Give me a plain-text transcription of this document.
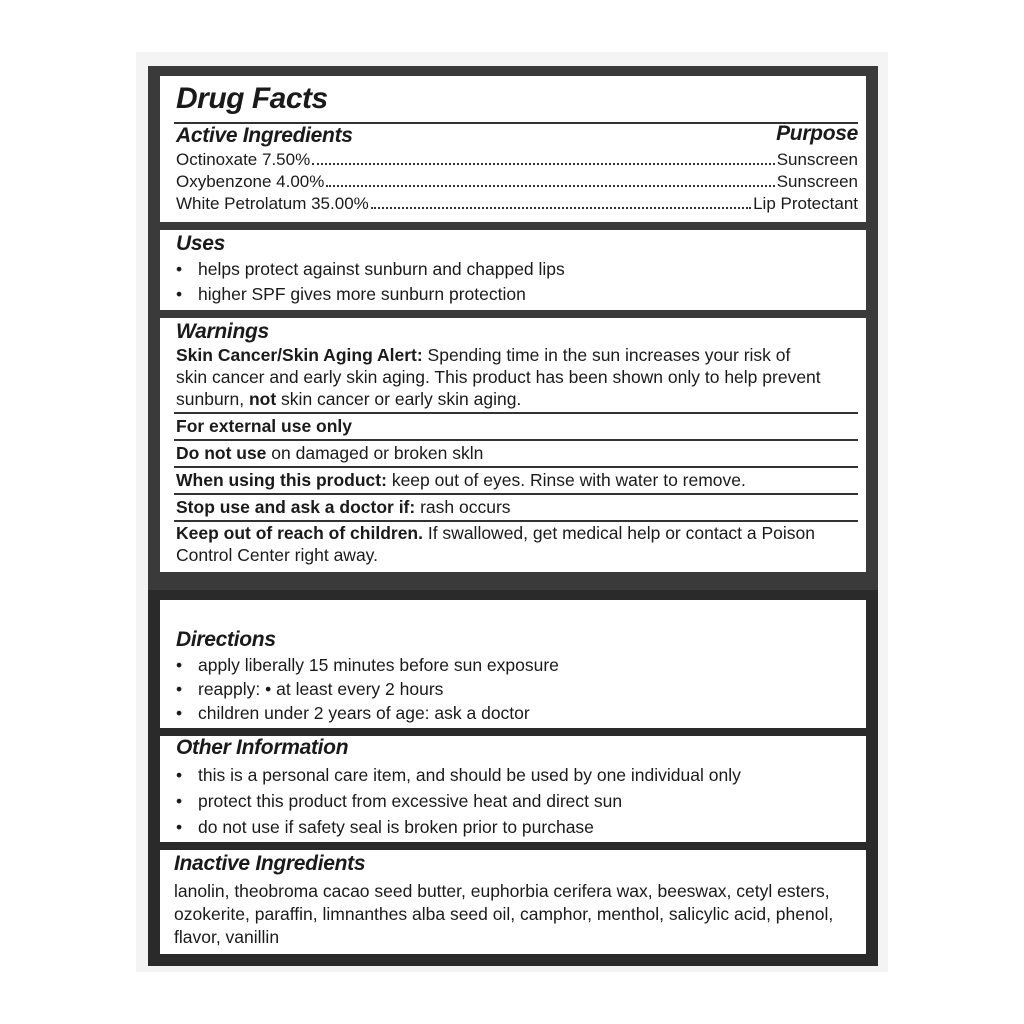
Drug Facts
Active Ingredients	Purpose
Octinoxate 7.50%	Sunscreen
Oxybenzone 4.00%	Sunscreen
White Petrolatum 35.00%	Lip Protectant
Uses
• helps protect against sunburn and chapped lips
• higher SPF gives more sunburn protection
Warnings
Skin Cancer/Skin Aging Alert: Spending time in the sun increases your risk of
skin cancer and early skin aging. This product has been shown only to help prevent
sunburn, not skin cancer or early skin aging.
For external use only
Do not use on damaged or broken skln
When using this product: keep out of eyes. Rinse with water to remove.
Stop use and ask a doctor if: rash occurs
Keep out of reach of children. If swallowed, get medical help or contact a Poison
Control Center right away.
Directions
• apply liberally 15 minutes before sun exposure
• reapply: • at least every 2 hours
• children under 2 years of age: ask a doctor
Other Information
• this is a personal care item, and should be used by one individual only
• protect this product from excessive heat and direct sun
• do not use if safety seal is broken prior to purchase
Inactive Ingredients
lanolin, theobroma cacao seed butter, euphorbia cerifera wax, beeswax, cetyl esters,
ozokerite, paraffin, limnanthes alba seed oil, camphor, menthol, salicylic acid, phenol,
flavor, vanillin
